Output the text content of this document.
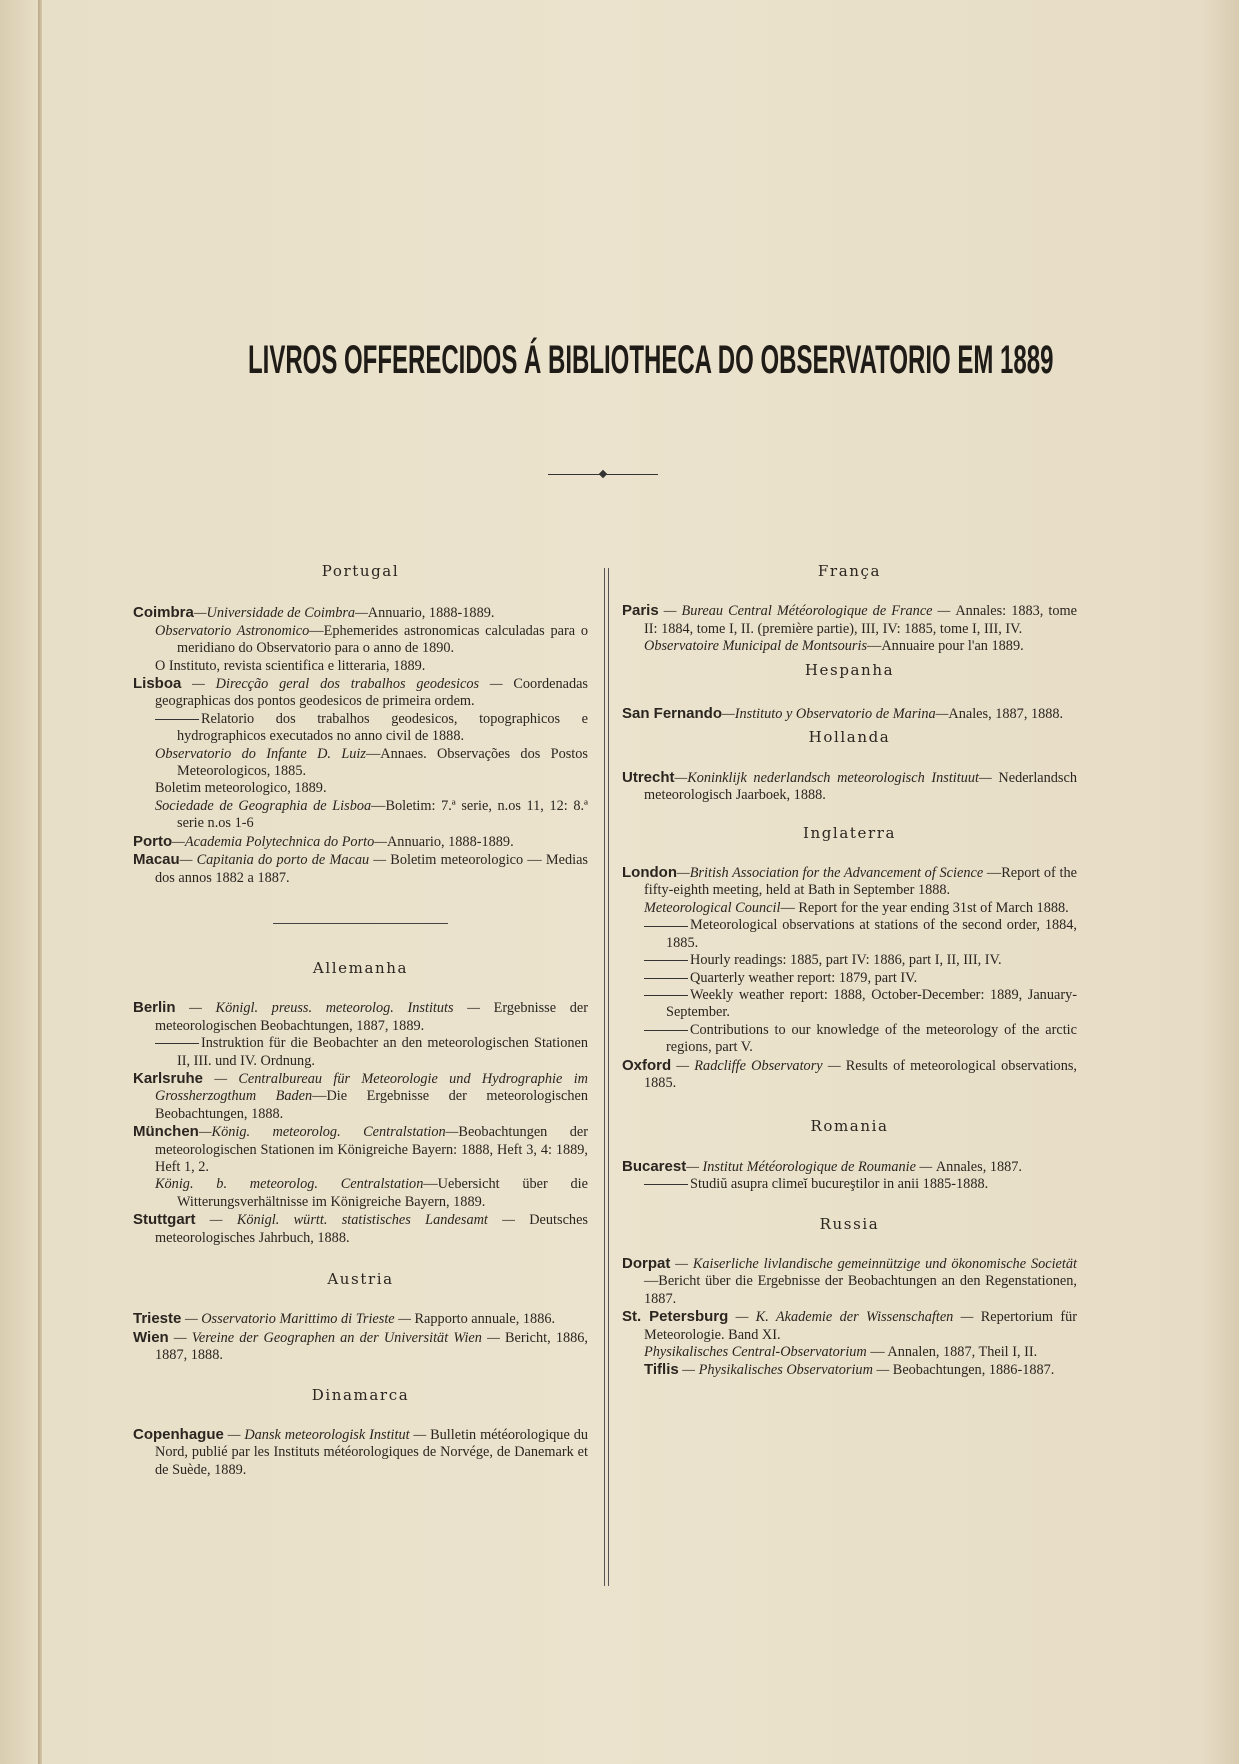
LIVROS OFFERECIDOS Á BIBLIOTHECA DO OBSERVATORIO EM 1889
Portugal

Coimbra—Universidade de Coimbra—Annuario, 1888-1889.

Observatorio Astronomico—Ephemerides astronomicas calculadas para o meridiano do Observatorio para o anno de 1890.

O Instituto, revista scientifica e litteraria, 1889.

Lisboa — Direcção geral dos trabalhos geodesicos — Coordenadas geographicas dos pontos geodesicos de primeira ordem.

Relatorio dos trabalhos geodesicos, topographicos e hydrographicos executados no anno civil de 1888.

Observatorio do Infante D. Luiz—Annaes. Observações dos Postos Meteorologicos, 1885.

Boletim meteorologico, 1889.

Sociedade de Geographia de Lisboa—Boletim: 7.ª serie, n.os 11, 12: 8.ª serie n.os 1-6

Porto—Academia Polytechnica do Porto—Annuario, 1888-1889.

Macau— Capitania do porto de Macau — Boletim meteorologico — Medias dos annos 1882 a 1887.

Allemanha

Berlin — Königl. preuss. meteorolog. Instituts — Ergebnisse der meteorologischen Beobachtungen, 1887, 1889.

Instruktion für die Beobachter an den meteorologischen Stationen II, III. und IV. Ordnung.

Karlsruhe — Centralbureau für Meteorologie und Hydrographie im Grossherzogthum Baden—Die Ergebnisse der meteorologischen Beobachtungen, 1888.

München—König. meteorolog. Centralstation—Beobachtungen der meteorologischen Stationen im Königreiche Bayern: 1888, Heft 3, 4: 1889, Heft 1, 2.

König. b. meteorolog. Centralstation—Uebersicht über die Witterungsverhältnisse im Königreiche Bayern, 1889.

Stuttgart — Königl. württ. statistisches Landesamt — Deutsches meteorologisches Jahrbuch, 1888.

Austria

Trieste — Osservatorio Marittimo di Trieste — Rapporto annuale, 1886.

Wien — Vereine der Geographen an der Universität Wien — Bericht, 1886, 1887, 1888.

Dinamarca

Copenhague — Dansk meteorologisk Institut — Bulletin météorologique du Nord, publié par les Instituts météorologiques de Norvége, de Danemark et de Suède, 1889.

França

Paris — Bureau Central Météorologique de France — Annales: 1883, tome II: 1884, tome I, II. (première partie), III, IV: 1885, tome I, III, IV.

Observatoire Municipal de Montsouris—Annuaire pour l'an 1889.

Hespanha

San Fernando—Instituto y Observatorio de Marina—Anales, 1887, 1888.

Hollanda

Utrecht—Koninklijk nederlandsch meteorologisch Instituut— Nederlandsch meteorologisch Jaarboek, 1888.

Inglaterra

London—British Association for the Advancement of Science —Report of the fifty-eighth meeting, held at Bath in September 1888.

Meteorological Council— Report for the year ending 31st of March 1888.

Meteorological observations at stations of the second order, 1884, 1885.

Hourly readings: 1885, part IV: 1886, part I, II, III, IV.

Quarterly weather report: 1879, part IV.

Weekly weather report: 1888, October-December: 1889, January-September.

Contributions to our knowledge of the meteorology of the arctic regions, part V.

Oxford — Radcliffe Observatory — Results of meteorological observations, 1885.

Romania

Bucarest— Institut Météorologique de Roumanie — Annales, 1887.

Studiŭ asupra climeĭ bucureştilor in anii 1885-1888.

Russia

Dorpat — Kaiserliche livlandische gemeinnützige und ökonomische Societät—Bericht über die Ergebnisse der Beobachtungen an den Regenstationen, 1887.

St. Petersburg — K. Akademie der Wissenschaften — Repertorium für Meteorologie. Band XI.

Physikalisches Central-Observatorium — Annalen, 1887, Theil I, II.

Tiflis — Physikalisches Observatorium — Beobachtungen, 1886-1887.
